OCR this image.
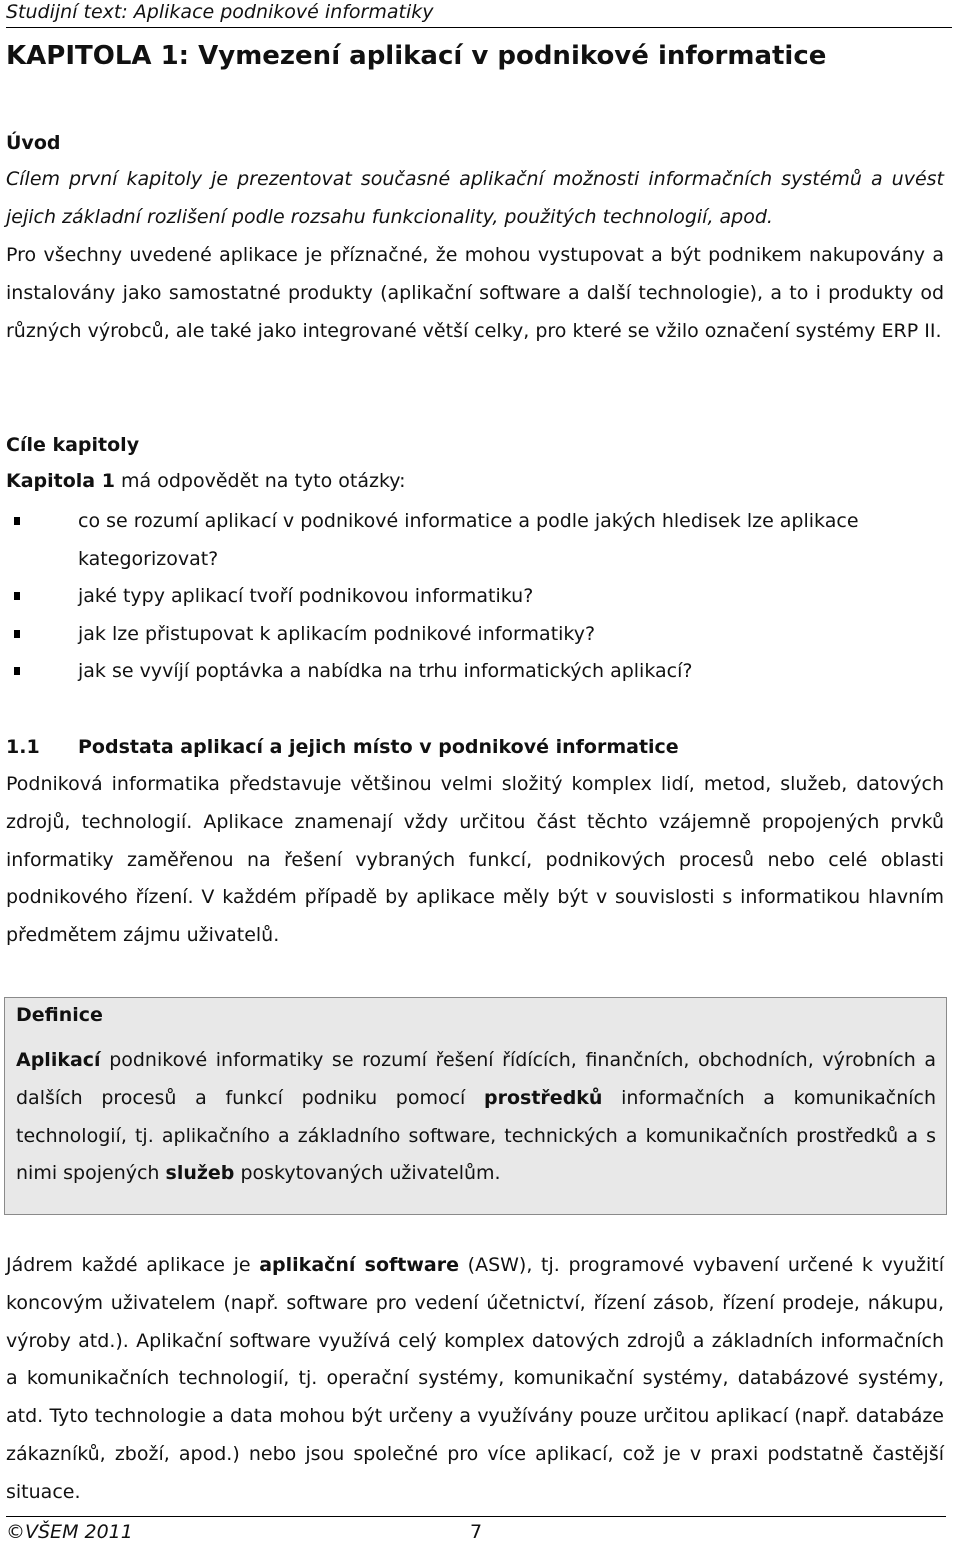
Studijní text: Aplikace podnikové informatiky
KAPITOLA 1: Vymezení aplikací v podnikové informatice
Úvod

Cílem první kapitoly je prezentovat současné aplikační možnosti informačních systémů a uvést jejich základní rozlišení podle rozsahu funkcionality, použitých technologií, apod.

Pro všechny uvedené aplikace je příznačné, že mohou vystupovat a být podnikem nakupovány a instalovány jako samostatné produkty (aplikační software a další technologie), a to i produkty od různých výrobců, ale také jako integrované větší celky, pro které se vžilo označení systémy ERP II.

Cíle kapitoly

Kapitola 1 má odpovědět na tyto otázky:

co se rozumí aplikací v podnikové informatice a podle jakých hledisek lze aplikace kategorizovat?
jaké typy aplikací tvoří podnikovou informatiku?
jak lze přistupovat k aplikacím podnikové informatiky?
jak se vyvíjí poptávka a nabídka na trhu informatických aplikací?
1.1 Podstata aplikací a jejich místo v podnikové informatice

Podniková informatika představuje většinou velmi složitý komplex lidí, metod, služeb, datových zdrojů, technologií. Aplikace znamenají vždy určitou část těchto vzájemně propojených prvků informatiky zaměřenou na řešení vybraných funkcí, podnikových procesů nebo celé oblasti podnikového řízení. V každém případě by aplikace měly být v souvislosti s informatikou hlavním předmětem zájmu uživatelů.

Definice

Aplikací podnikové informatiky se rozumí řešení řídících, finančních, obchodních, výrobních a dalších procesů a funkcí podniku pomocí prostředků informačních a komunikačních technologií, tj. aplikačního a základního software, technických a komunikačních prostředků a s nimi spojených služeb poskytovaných uživatelům.

Jádrem každé aplikace je aplikační software (ASW), tj. programové vybavení určené k využití koncovým uživatelem (např. software pro vedení účetnictví, řízení zásob, řízení prodeje, nákupu, výroby atd.). Aplikační software využívá celý komplex datových zdrojů a základních informačních a komunikačních technologií, tj. operační systémy, komunikační systémy, databázové systémy, atd. Tyto technologie a data mohou být určeny a využívány pouze určitou aplikací (např. databáze zákazníků, zboží, apod.) nebo jsou společné pro více aplikací, což je v praxi podstatně častější situace.

©VŠEM 2011	7
